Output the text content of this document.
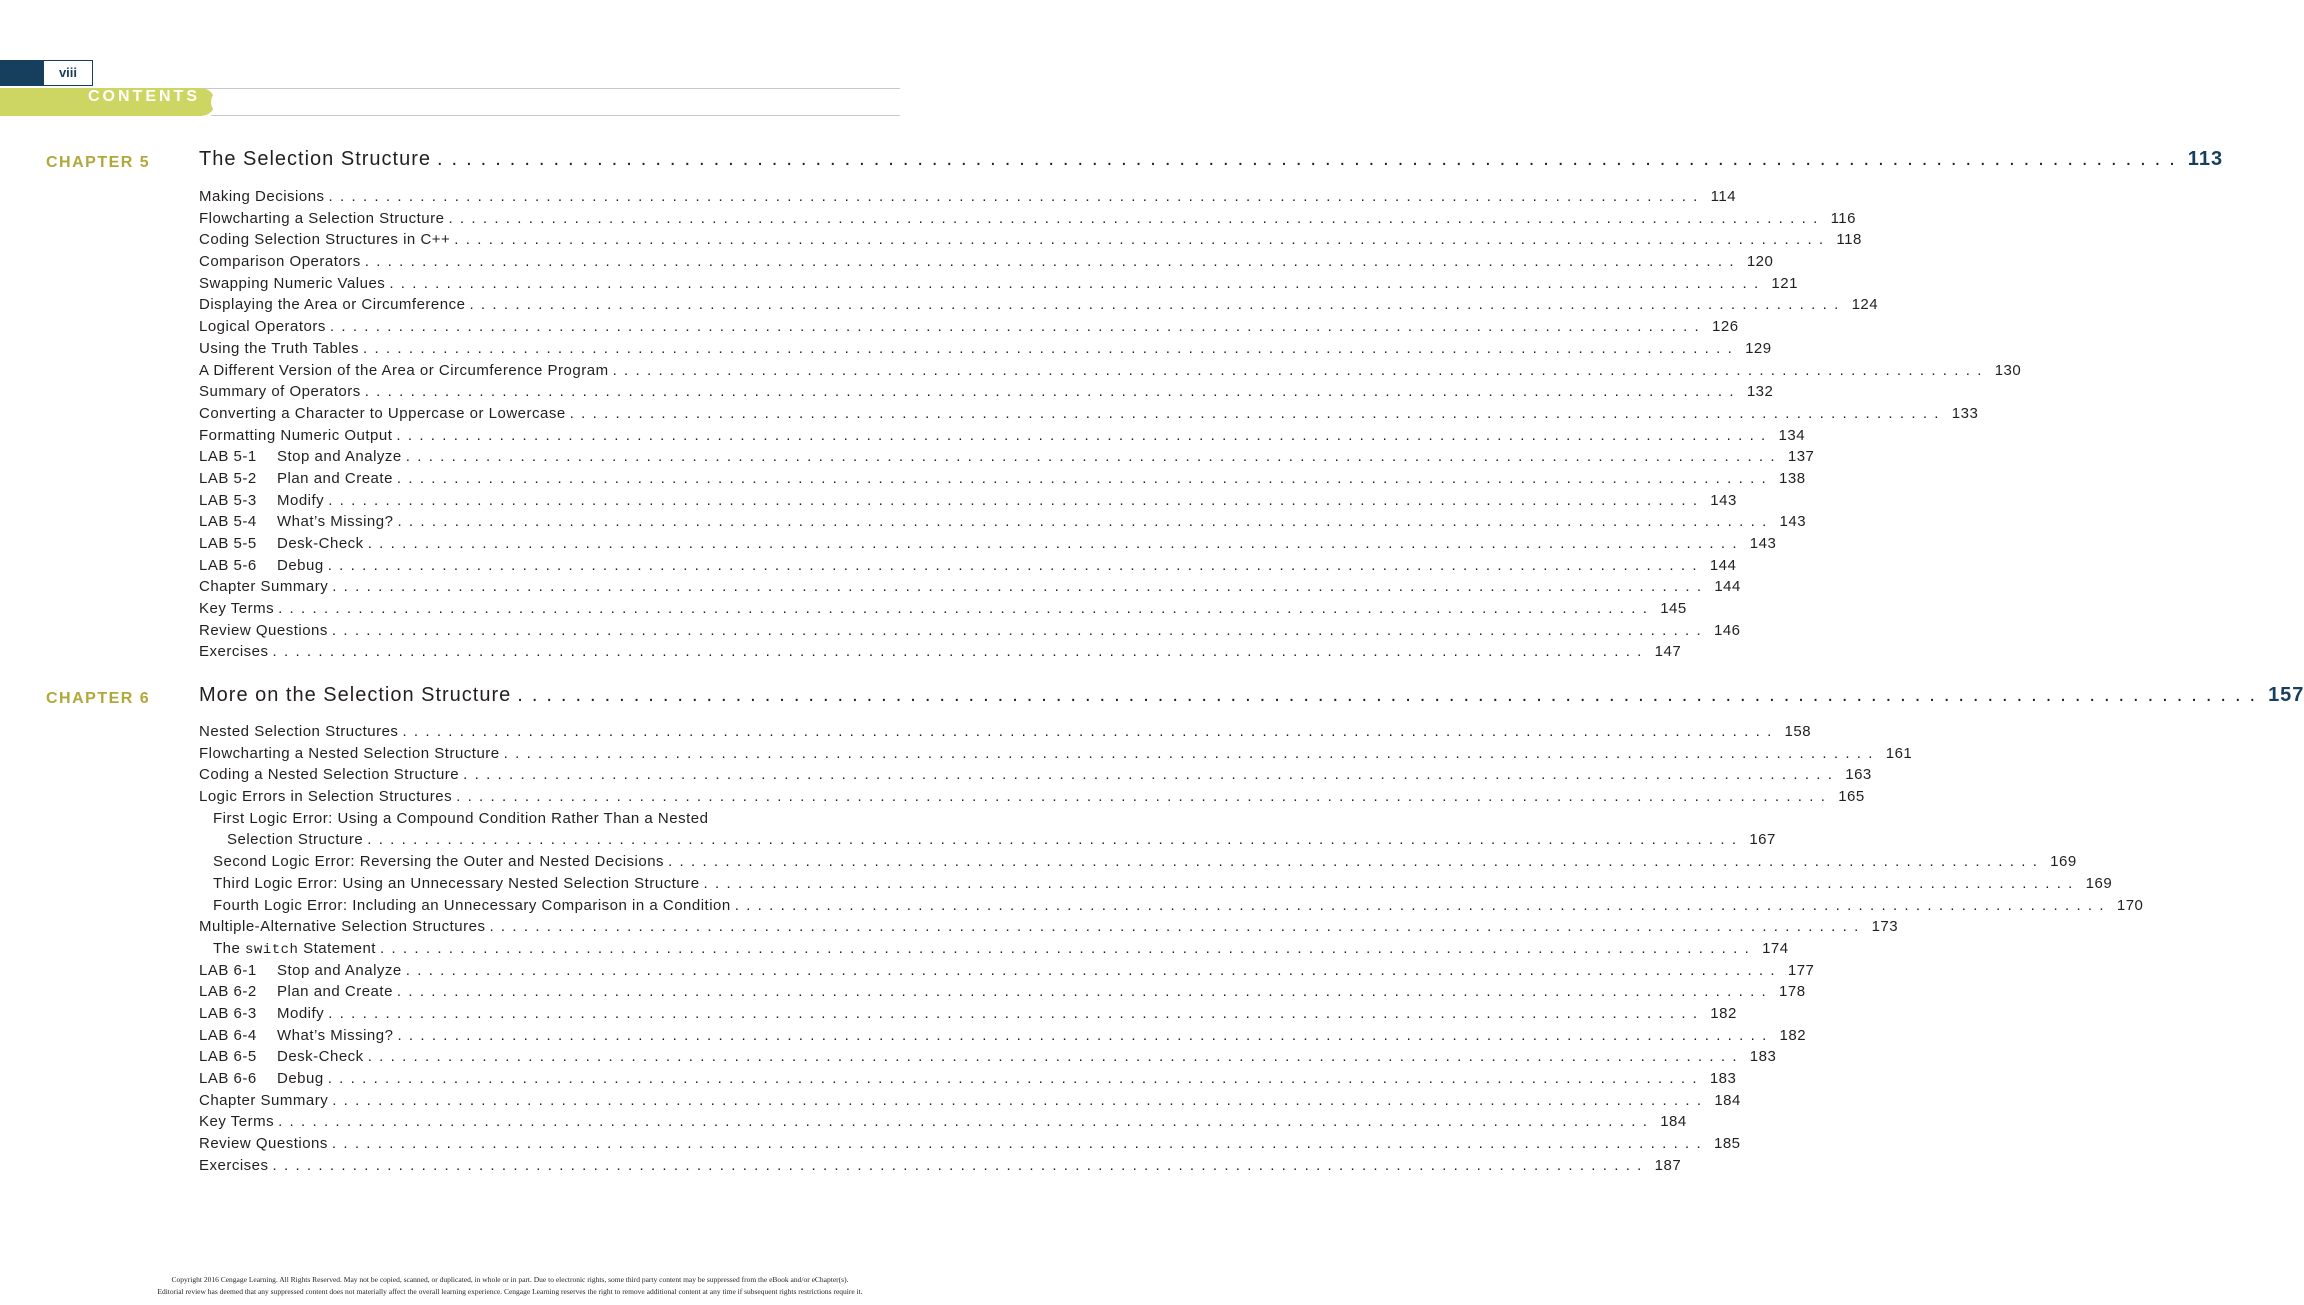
viii
CONTENTS
CHAPTER 5 The Selection Structure ........................................................................................................................ 113
Making Decisions ........................................................................................................................ 114
Flowcharting a Selection Structure ........................................................................................................................ 116
Coding Selection Structures in C++ ........................................................................................................................ 118
Comparison Operators ........................................................................................................................ 120
Swapping Numeric Values ........................................................................................................................ 121
Displaying the Area or Circumference ........................................................................................................................ 124
Logical Operators ........................................................................................................................ 126
Using the Truth Tables ........................................................................................................................ 129
A Different Version of the Area or Circumference Program ........................................................................................................................ 130
Summary of Operators ........................................................................................................................ 132
Converting a Character to Uppercase or Lowercase ........................................................................................................................ 133
Formatting Numeric Output ........................................................................................................................ 134
LAB 5-1 Stop and Analyze ........................................................................................................................ 137
LAB 5-2 Plan and Create ........................................................................................................................ 138
LAB 5-3 Modify ........................................................................................................................ 143
LAB 5-4 What’s Missing? ........................................................................................................................ 143
LAB 5-5 Desk-Check ........................................................................................................................ 143
LAB 5-6 Debug ........................................................................................................................ 144
Chapter Summary ........................................................................................................................ 144
Key Terms ........................................................................................................................ 145
Review Questions ........................................................................................................................ 146
Exercises ........................................................................................................................ 147
CHAPTER 6 More on the Selection Structure ........................................................................................................................ 157
Nested Selection Structures ........................................................................................................................ 158
Flowcharting a Nested Selection Structure ........................................................................................................................ 161
Coding a Nested Selection Structure ........................................................................................................................ 163
Logic Errors in Selection Structures ........................................................................................................................ 165
First Logic Error: Using a Compound Condition Rather Than a Nested
Selection Structure ........................................................................................................................ 167
Second Logic Error: Reversing the Outer and Nested Decisions ........................................................................................................................ 169
Third Logic Error: Using an Unnecessary Nested Selection Structure ........................................................................................................................ 169
Fourth Logic Error: Including an Unnecessary Comparison in a Condition ........................................................................................................................ 170
Multiple-Alternative Selection Structures ........................................................................................................................ 173
The switch Statement ........................................................................................................................ 174
LAB 6-1 Stop and Analyze ........................................................................................................................ 177
LAB 6-2 Plan and Create ........................................................................................................................ 178
LAB 6-3 Modify ........................................................................................................................ 182
LAB 6-4 What’s Missing? ........................................................................................................................ 182
LAB 6-5 Desk-Check ........................................................................................................................ 183
LAB 6-6 Debug ........................................................................................................................ 183
Chapter Summary ........................................................................................................................ 184
Key Terms ........................................................................................................................ 184
Review Questions ........................................................................................................................ 185
Exercises ........................................................................................................................ 187
Copyright 2016 Cengage Learning. All Rights Reserved. May not be copied, scanned, or duplicated, in whole or in part. Due to electronic rights, some third party content may be suppressed from the eBook and/or eChapter(s).
Editorial review has deemed that any suppressed content does not materially affect the overall learning experience. Cengage Learning reserves the right to remove additional content at any time if subsequent rights restrictions require it.
